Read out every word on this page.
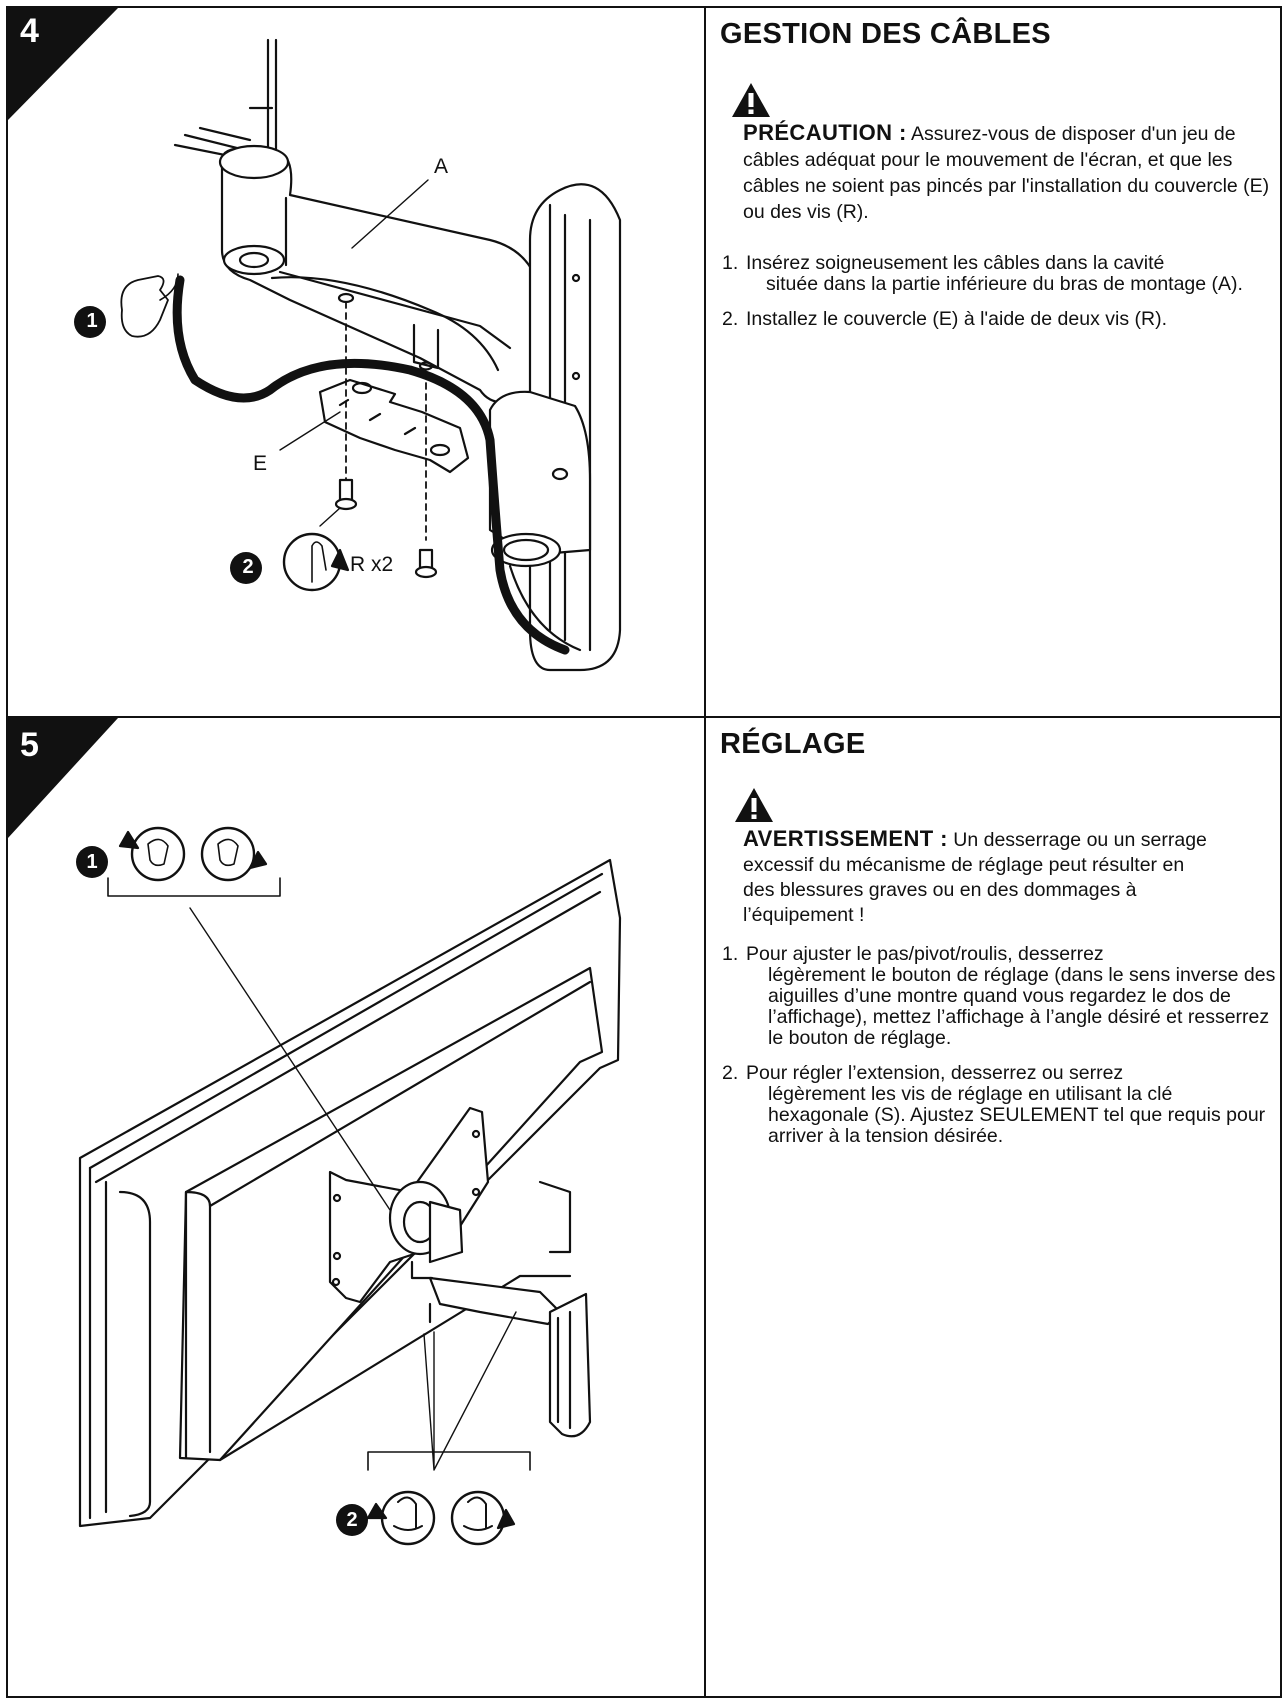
4	GESTION DES CÂBLES
PRÉCAUTION : Assurez-vous de disposer d'un jeu de câbles adéquat pour le mouvement de l'écran, et que les câbles ne soient pas pincés par l'installation du couvercle (E) ou des vis (R).
1. Insérez soigneusement les câbles dans la cavité
située dans la partie inférieure du bras de montage (A).
2. Installez le couvercle (E) à l'aide de deux vis (R).
A
E
R x2
1
2
5	RÉGLAGE
AVERTISSEMENT : Un desserrage ou un serrage excessif du mécanisme de réglage peut résulter en des blessures graves ou en des dommages à l’équipement !
1. Pour ajuster le pas/pivot/roulis, desserrez
légèrement le bouton de réglage (dans le sens inverse des aiguilles d’une montre quand vous regardez le dos de l’affichage), mettez l’affichage à l’angle désiré et resserrez le bouton de réglage.
2. Pour régler l’extension, desserrez ou serrez
légèrement les vis de réglage en utilisant la clé hexagonale (S). Ajustez SEULEMENT tel que requis pour arriver à la tension désirée.
1
2
